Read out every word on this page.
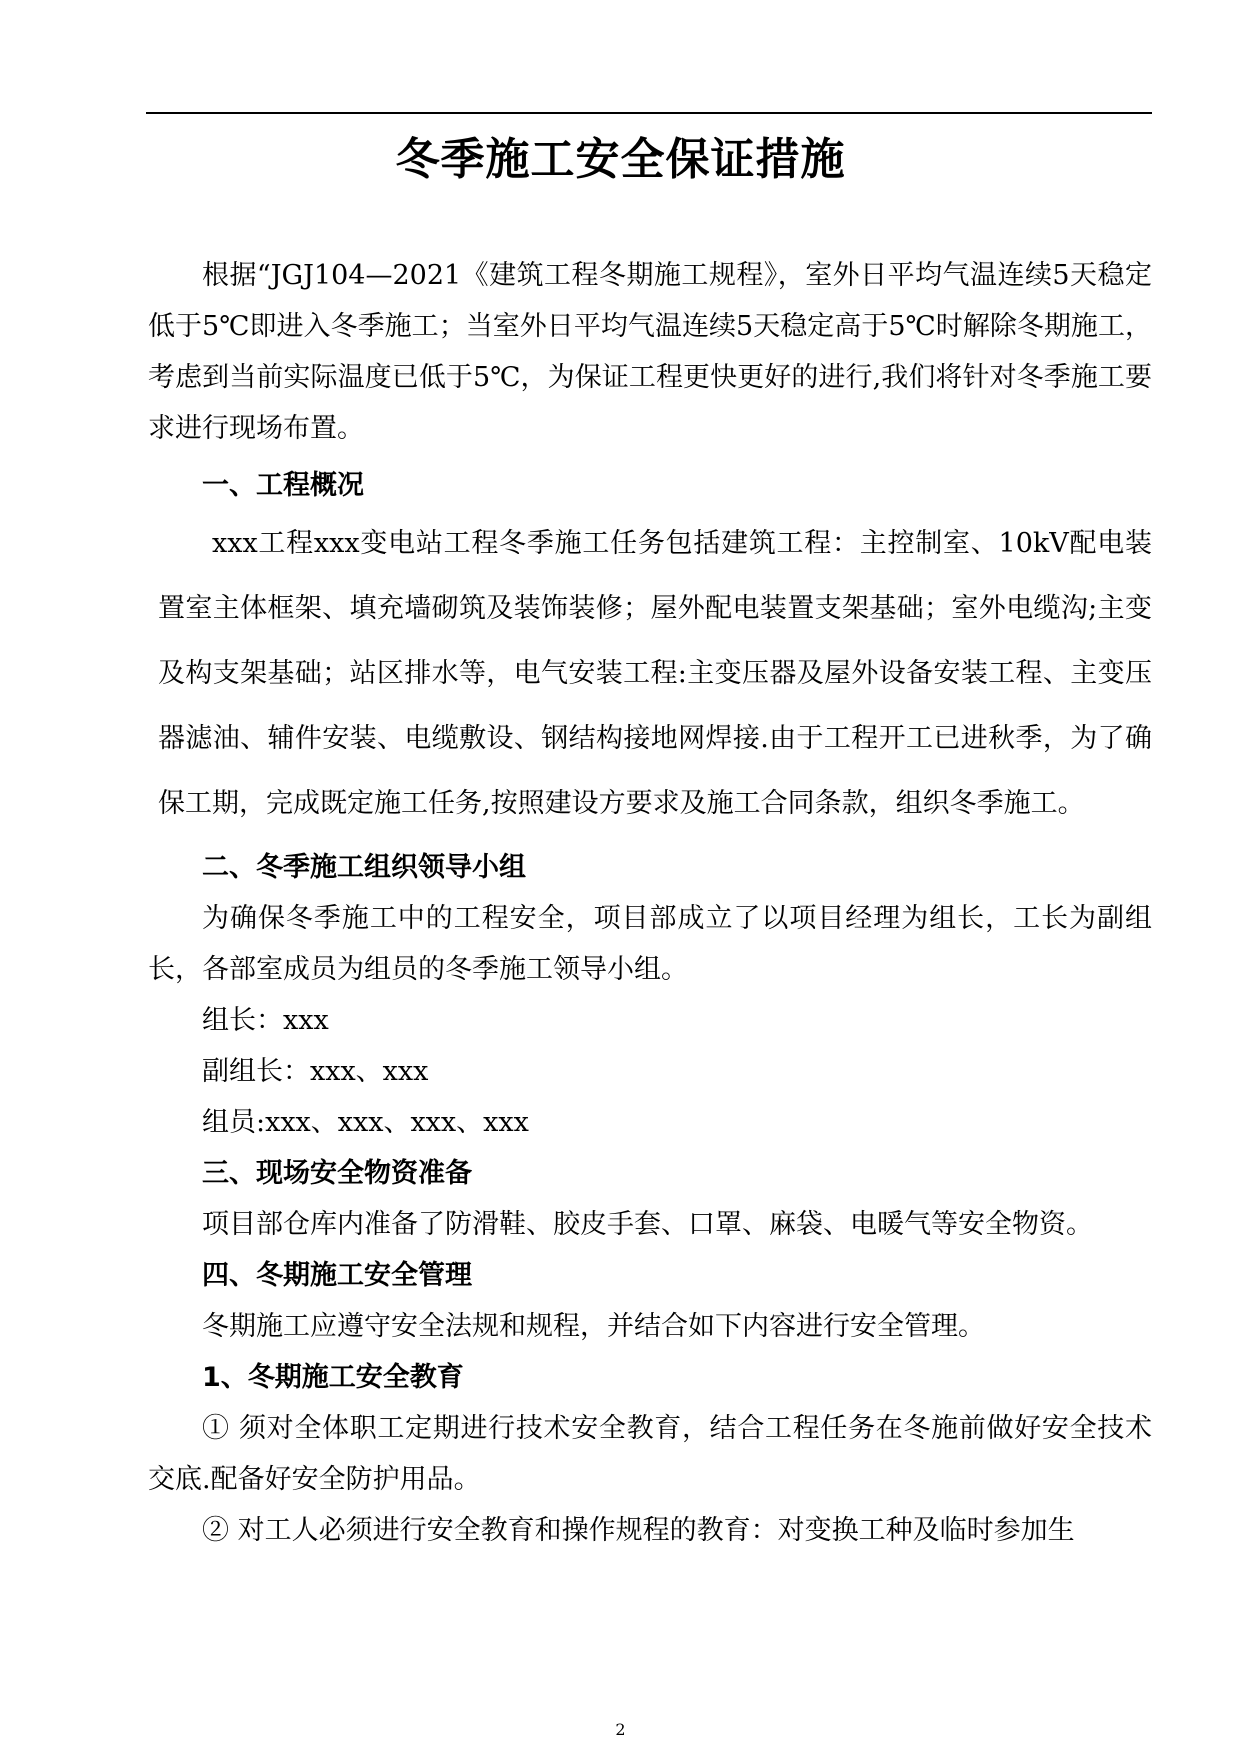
冬季施工安全保证措施

根据“JGJ104—2021《建筑工程冬期施工规程》，室外日平均气温连续5天稳定低于5℃即进入冬季施工；当室外日平均气温连续5天稳定高于5℃时解除冬期施工，考虑到当前实际温度已低于5℃，为保证工程更快更好的进行,我们将针对冬季施工要求进行现场布置。

一、工程概况

xxx工程xxx变电站工程冬季施工任务包括建筑工程：主控制室、10kV配电装置室主体框架、填充墙砌筑及装饰装修；屋外配电装置支架基础；室外电缆沟;主变及构支架基础；站区排水等，电气安装工程:主变压器及屋外设备安装工程、主变压器滤油、辅件安装、电缆敷设、钢结构接地网焊接.由于工程开工已进秋季，为了确保工期，完成既定施工任务,按照建设方要求及施工合同条款，组织冬季施工。

二、冬季施工组织领导小组

为确保冬季施工中的工程安全，项目部成立了以项目经理为组长，工长为副组长，各部室成员为组员的冬季施工领导小组。

组长：xxx

副组长：xxx、xxx

组员:xxx、xxx、xxx、xxx

三、现场安全物资准备

项目部仓库内准备了防滑鞋、胶皮手套、口罩、麻袋、电暖气等安全物资。

四、冬期施工安全管理

冬期施工应遵守安全法规和规程，并结合如下内容进行安全管理。

1、冬期施工安全教育

① 须对全体职工定期进行技术安全教育，结合工程任务在冬施前做好安全技术交底.配备好安全防护用品。

② 对工人必须进行安全教育和操作规程的教育：对变换工种及临时参加生

2
